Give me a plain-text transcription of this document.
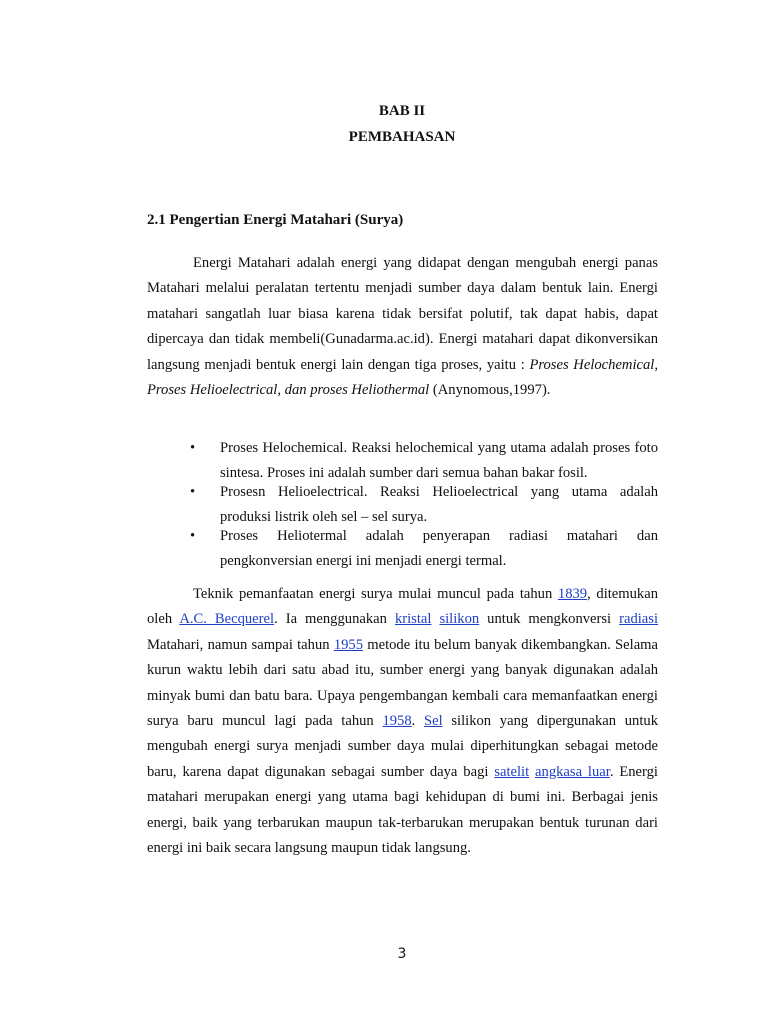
BAB II
PEMBAHASAN
2.1 Pengertian Energi Matahari (Surya)

Energi Matahari adalah energi yang didapat dengan mengubah energi panas Matahari melalui peralatan tertentu menjadi sumber daya dalam bentuk lain. Energi matahari sangatlah luar biasa karena tidak bersifat polutif, tak dapat habis, dapat dipercaya dan tidak membeli(Gunadarma.ac.id). Energi matahari dapat dikonversikan langsung menjadi bentuk energi lain dengan tiga proses, yaitu : Proses Helochemical, Proses Helioelectrical, dan proses Heliothermal (Anynomous,1997).

• Proses Helochemical. Reaksi helochemical yang utama adalah proses foto sintesa. Proses ini adalah sumber dari semua bahan bakar fosil.
• Prosesn Helioelectrical. Reaksi Helioelectrical yang utama adalah produksi listrik oleh sel – sel surya.
• Proses Heliotermal adalah penyerapan radiasi matahari dan pengkonversian energi ini menjadi energi termal.

Teknik pemanfaatan energi surya mulai muncul pada tahun 1839, ditemukan oleh A.C. Becquerel. Ia menggunakan kristal silikon untuk mengkonversi radiasi Matahari, namun sampai tahun 1955 metode itu belum banyak dikembangkan. Selama kurun waktu lebih dari satu abad itu, sumber energi yang banyak digunakan adalah minyak bumi dan batu bara. Upaya pengembangan kembali cara memanfaatkan energi surya baru muncul lagi pada tahun 1958. Sel silikon yang dipergunakan untuk mengubah energi surya menjadi sumber daya mulai diperhitungkan sebagai metode baru, karena dapat digunakan sebagai sumber daya bagi satelit angkasa luar. Energi matahari merupakan energi yang utama bagi kehidupan di bumi ini. Berbagai jenis energi, baik yang terbarukan maupun tak-terbarukan merupakan bentuk turunan dari energi ini baik secara langsung maupun tidak langsung.

3
